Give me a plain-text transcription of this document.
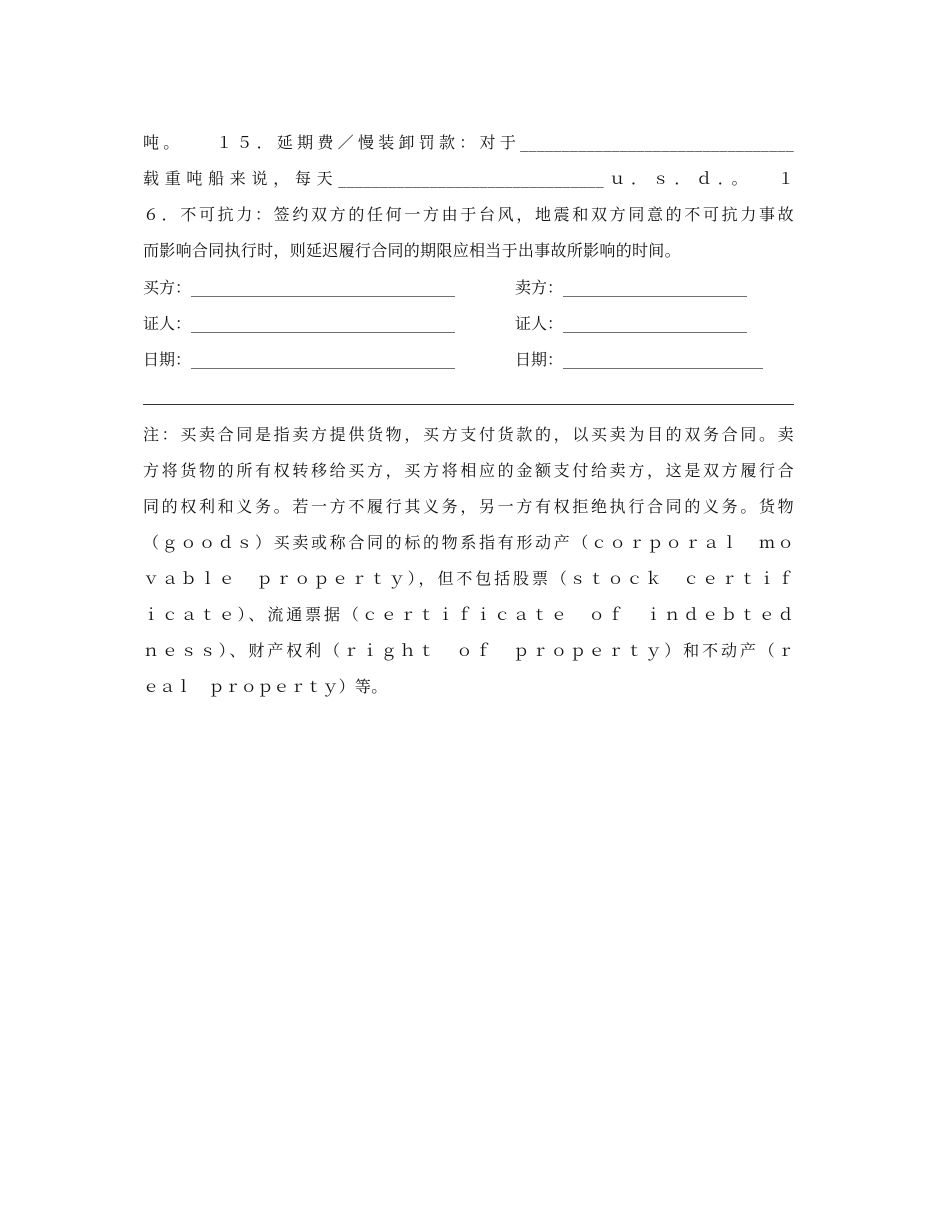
吨。　　１５．延期费／慢装卸罚款：对于_________________________________
载重吨船来说，每天________________________________ｕ．ｓ．ｄ．。　 １
６．不可抗力：签约双方的任何一方由于台风，地震和双方同意的不可抗力事故
而影响合同执行时，则延迟履行合同的期限应相当于出事故所影响的时间。
买方：_________________________________	卖方：_______________________
证人：_________________________________	证人：_______________________
日期：_________________________________	日期：_________________________
注：买卖合同是指卖方提供货物，买方支付货款的，以买卖为目的双务合同。卖
方将货物的所有权转移给买方，买方将相应的金额支付给卖方，这是双方履行合
同的权利和义务。若一方不履行其义务，另一方有权拒绝执行合同的义务。货物
（ｇｏｏｄｓ）买卖或称合同的标的物系指有形动产（ｃｏｒｐｏｒａｌ　ｍｏ
ｖａｂｌｅ　ｐｒｏｐｅｒｔｙ），但不包括股票（ｓｔｏｃｋ　ｃｅｒｔｉｆ
ｉｃａｔｅ）、流通票据（ｃｅｒｔｉｆｉｃａｔｅ　ｏｆ　ｉｎｄｅｂｔｅｄ
ｎｅｓｓ）、财产权利（ｒｉｇｈｔ　ｏｆ　ｐｒｏｐｅｒｔｙ）和不动产（ｒ
ｅａｌ　ｐｒｏｐｅｒｔｙ）等。
